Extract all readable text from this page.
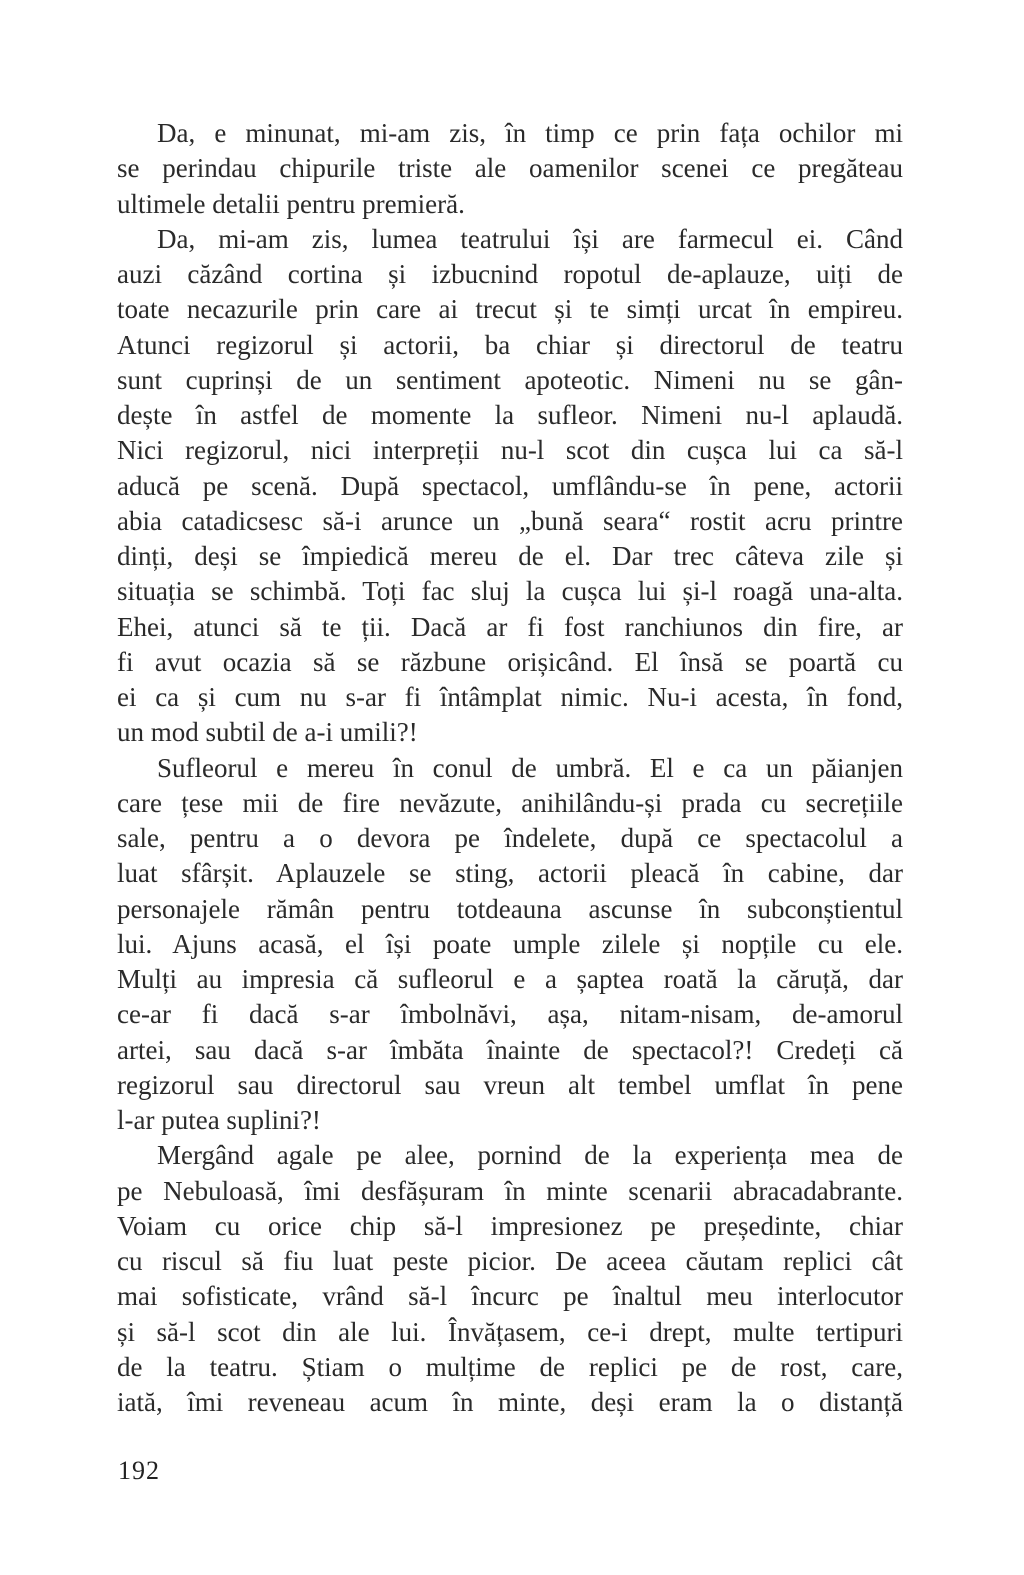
Da, e minunat, mi-am zis, în timp ce prin fața ochilor mi
se perindau chipurile triste ale oamenilor scenei ce pregăteau
ultimele detalii pentru premieră.
Da, mi-am zis, lumea teatrului își are farmecul ei. Când
auzi căzând cortina și izbucnind ropotul de-aplauze, uiți de
toate necazurile prin care ai trecut și te simți urcat în empireu.
Atunci regizorul și actorii, ba chiar și directorul de teatru
sunt cuprinși de un sentiment apoteotic. Nimeni nu se gân-
dește în astfel de momente la sufleor. Nimeni nu-l aplaudă.
Nici regizorul, nici interpreții nu-l scot din cușca lui ca să-l
aducă pe scenă. După spectacol, umflându-se în pene, actorii
abia catadicsesc să-i arunce un „bună seara“ rostit acru printre
dinți, deși se împiedică mereu de el. Dar trec câteva zile și
situația se schimbă. Toți fac sluj la cușca lui și-l roagă una-alta.
Ehei, atunci să te ții. Dacă ar fi fost ranchiunos din fire, ar
fi avut ocazia să se răzbune orișicând. El însă se poartă cu
ei ca și cum nu s-ar fi întâmplat nimic. Nu-i acesta, în fond,
un mod subtil de a-i umili?!
Sufleorul e mereu în conul de umbră. El e ca un păianjen
care țese mii de fire nevăzute, anihilându-și prada cu secrețiile
sale, pentru a o devora pe îndelete, după ce spectacolul a
luat sfârșit. Aplauzele se sting, actorii pleacă în cabine, dar
personajele rămân pentru totdeauna ascunse în subconștientul
lui. Ajuns acasă, el își poate umple zilele și nopțile cu ele.
Mulți au impresia că sufleorul e a șaptea roată la căruță, dar
ce-ar fi dacă s-ar îmbolnăvi, așa, nitam-nisam, de-amorul
artei, sau dacă s-ar îmbăta înainte de spectacol?! Credeți că
regizorul sau directorul sau vreun alt tembel umflat în pene
l-ar putea suplini?!
Mergând agale pe alee, pornind de la experiența mea de
pe Nebuloasă, îmi desfășuram în minte scenarii abracadabrante.
Voiam cu orice chip să-l impresionez pe președinte, chiar
cu riscul să fiu luat peste picior. De aceea căutam replici cât
mai sofisticate, vrând să-l încurc pe înaltul meu interlocutor
și să-l scot din ale lui. Învățasem, ce-i drept, multe tertipuri
de la teatru. Știam o mulțime de replici pe de rost, care,
iată, îmi reveneau acum în minte, deși eram la o distanță
192
